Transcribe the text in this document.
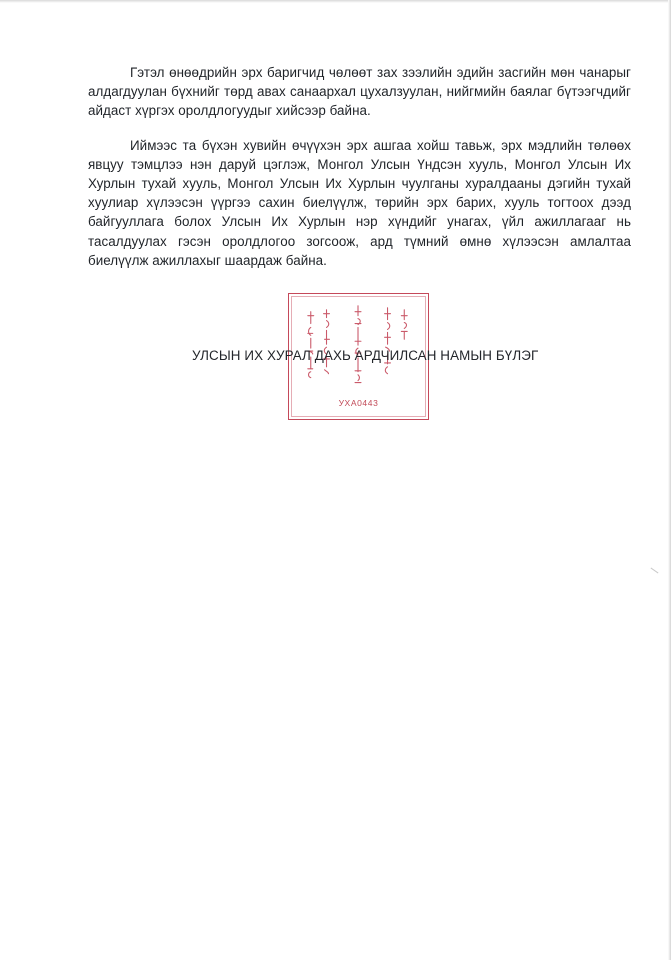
Гэтэл өнөөдрийн эрх баригчид чөлөөт зах зээлийн эдийн засгийн мөн чанарыг алдагдуулан бүхнийг төрд авах санаархал цухалзуулан, нийгмийн баялаг бүтээгчдийг айдаст хүргэх оролдлогуудыг хийсээр байна.

Иймээс та бүхэн хувийн өчүүхэн эрх ашгаа хойш тавьж, эрх мэдлийн төлөөх явцуу тэмцлээ нэн даруй цэглэж, Монгол Улсын Үндсэн хууль, Монгол Улсын Их Хурлын тухай хууль, Монгол Улсын Их Хурлын чуулганы хуралдааны дэгийн тухай хуулиар хүлээсэн үүргээ сахин биелүүлж, төрийн эрх барих, хууль тогтоох дээд байгууллага болох Улсын Их Хурлын нэр хүндийг унагах, үйл ажиллагааг нь тасалдуулах гэсэн оролдлогоо зогсоож, ард түмний өмнө хүлээсэн амлалтаа биелүүлж ажиллахыг шаардаж байна.

УХА0443
УЛСЫН ИХ ХУРАЛ ДАХЬ АРДЧИЛСАН НАМЫН БҮЛЭГ
